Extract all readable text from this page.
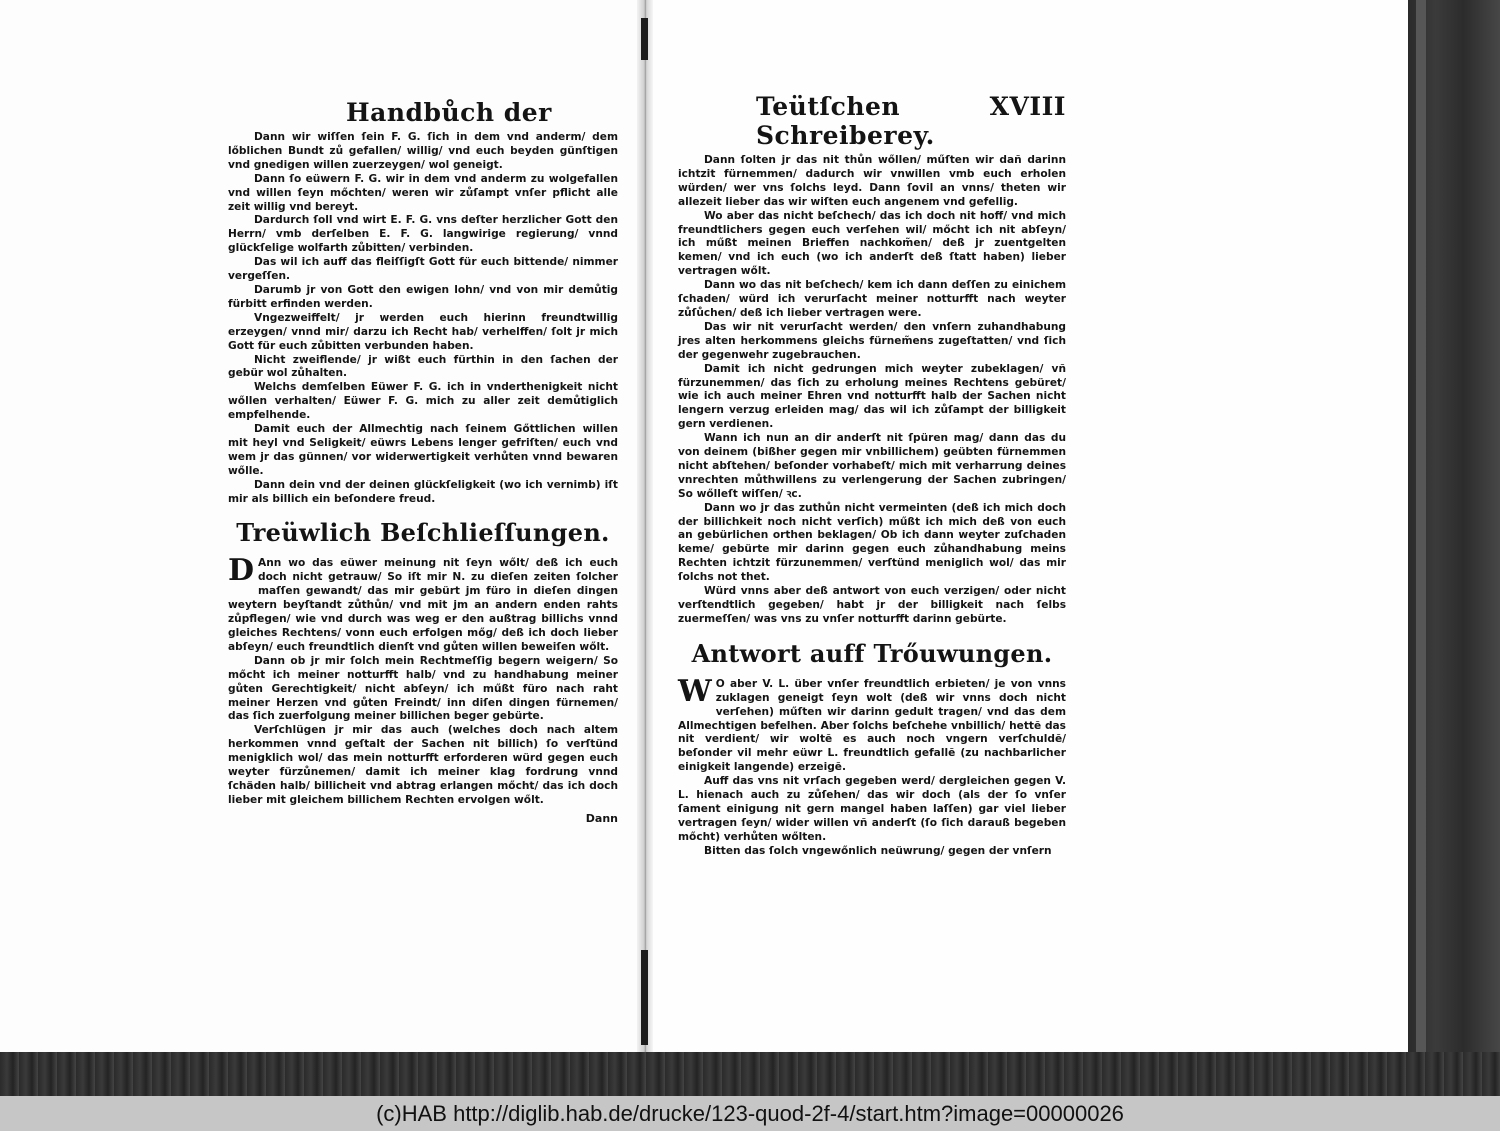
Handbůch der

Dann wir wiſſen ſein F. G. ſich in dem vnd anderm/ dem lőblichen Bundt zů gefallen/ willig/ vnd euch beyden günſtigen vnd gnedigen willen zuerzeygen/ wol geneigt.

Dann ſo eüwern F. G. wir in dem vnd anderm zu wolgefallen vnd willen ſeyn mőchten/ weren wir zůſampt vnſer pflicht alle zeit willig vnd bereyt.

Dardurch ſoll vnd wirt E. F. G. vns deſter herzlicher Gott den Herrn/ vmb derſelben E. F. G. langwirige regierung/ vnnd glückſelige wolfarth zůbitten/ verbinden.

Das wil ich auff das fleiſſigſt Gott für euch bittende/ nimmer vergeſſen.

Darumb jr von Gott den ewigen lohn/ vnd von mir demůtig fürbitt erfinden werden.

Vngezweiffelt/ jr werden euch hierinn freundtwillig erzeygen/ vnnd mir/ darzu ich Recht hab/ verhelffen/ ſolt jr mich Gott für euch zůbitten verbunden haben.

Nicht zweiflende/ jr wißt euch fürthin in den ſachen der gebür wol zůhalten.

Welchs demſelben Eüwer F. G. ich in vnderthenigkeit nicht wőllen verhalten/ Eüwer F. G. mich zu aller zeit demůtiglich empfelhende.

Damit euch der Allmechtig nach ſeinem Gőttlichen willen mit heyl vnd Seligkeit/ eüwrs Lebens lenger gefriſten/ euch vnd wem jr das günnen/ vor widerwertigkeit verhůten vnnd bewaren wőlle.

Dann dein vnd der deinen glückſeligkeit (wo ich vernimb) iſt mir als billich ein beſondere freud.

Treüwlich Beſchlieſſungen.

D Ann wo das eüwer meinung nit ſeyn wőlt/ deß ich euch doch nicht getrauw/ So iſt mir N. zu dieſen zeiten ſolcher maſſen gewandt/ das mir gebürt jm füro in dieſen dingen weytern beyſtandt zůthůn/ vnd mit jm an andern enden rahts zůpflegen/ wie vnd durch was weg er den außtrag billichs vnnd gleiches Rechtens/ vonn euch erfolgen mőg/ deß ich doch lieber abſeyn/ euch freundtlich dienſt vnd gůten willen beweiſen wőlt.

Dann ob jr mir ſolch mein Rechtmeſſig begern weigern/ So mőcht ich meiner notturfft halb/ vnd zu handhabung meiner gůten Gerechtigkeit/ nicht abſeyn/ ich műßt füro nach raht meiner Herzen vnd gůten Freindt/ inn diſen dingen fürnemen/ das ſich zuerfolgung meiner billichen beger gebürte.

Verſchlügen jr mir das auch (welches doch nach altem herkommen vnnd geſtalt der Sachen nit billich) ſo verſtünd menigklich wol/ das mein notturfft erforderen würd gegen euch weyter fürzůnemen/ damit ich meiner klag fordrung vnnd ſchäden halb/ billicheit vnd abtrag erlangen mőcht/ das ich doch lieber mit gleichem billichem Rechten ervolgen wőlt.

Dann
Teütſchen Schreiberey.
XVIII

Dann ſolten jr das nit thůn wőllen/ műſten wir dañ darinn ichtzit fürnemmen/ dadurch wir vnwillen vmb euch erholen würden/ wer vns ſolchs leyd. Dann ſovil an vnns/ theten wir allezeit lieber das wir wiſten euch angenem vnd gefellig.

Wo aber das nicht beſchech/ das ich doch nit hoff/ vnd mich freundtlichers gegen euch verſehen wil/ mőcht ich nit abſeyn/ ich műßt meinen Brieffen nachkom̃en/ deß jr zuentgelten kemen/ vnd ich euch (wo ich anderſt deß ſtatt haben) lieber vertragen wőlt.

Dann wo das nit beſchech/ kem ich dann deſſen zu einichem ſchaden/ würd ich verurſacht meiner notturfft nach weyter zůſůchen/ deß ich lieber vertragen were.

Das wir nit verurſacht werden/ den vnſern zuhandhabung jres alten herkommens gleichs fürnem̃ens zugeſtatten/ vnd ſich der gegenwehr zugebrauchen.

Damit ich nicht gedrungen mich weyter zubeklagen/ vñ fürzunemmen/ das ſich zu erholung meines Rechtens gebüret/ wie ich auch meiner Ehren vnd notturfft halb der Sachen nicht lengern verzug erleiden mag/ das wil ich zůſampt der billigkeit gern verdienen.

Wann ich nun an dir anderſt nit ſpüren mag/ dann das du von deinem (bißher gegen mir vnbillichem) geübten fürnemmen nicht abſtehen/ beſonder vorhabeſt/ mich mit verharrung deines vnrechten můthwillens zu verlengerung der Sachen zubringen/ So wőlleſt wiſſen/ ꝛc.

Dann wo jr das zuthůn nicht vermeinten (deß ich mich doch der billichkeit noch nicht verſich) műßt ich mich deß von euch an gebürlichen orthen beklagen/ Ob ich dann weyter zuſchaden keme/ gebürte mir darinn gegen euch zůhandhabung meins Rechten ichtzit fürzunemmen/ verſtünd meniglich wol/ das mir ſolchs not thet.

Würd vnns aber deß antwort von euch verzigen/ oder nicht verſtendtlich gegeben/ habt jr der billigkeit nach ſelbs zuermeſſen/ was vns zu vnſer notturfft darinn gebürte.

Antwort auff Trőuwungen.

W O aber V. L. über vnſer freundtlich erbieten/ je von vnns zuklagen geneigt ſeyn wolt (deß wir vnns doch nicht verſehen) műſten wir darinn gedult tragen/ vnd das dem Allmechtigen befelhen. Aber ſolchs beſchehe vnbillich/ hettẽ das nit verdient/ wir woltẽ es auch noch vngern verſchuldẽ/ beſonder vil mehr eüwr L. freundtlich gefallẽ (zu nachbarlicher einigkeit langende) erzeigẽ.

Auff das vns nit vrſach gegeben werd/ dergleichen gegen V. L. hienach auch zu zůſehen/ das wir doch (als der ſo vnſer ſament einigung nit gern mangel haben laſſen) gar viel lieber vertragen ſeyn/ wider willen vñ anderſt (ſo ſich darauß begeben mőcht) verhůten wőlten.

Bitten das ſolch vngewőnlich neüwrung/ gegen der vnſern

(c)HAB http://diglib.hab.de/drucke/123-quod-2f-4/start.htm?image=00000026
